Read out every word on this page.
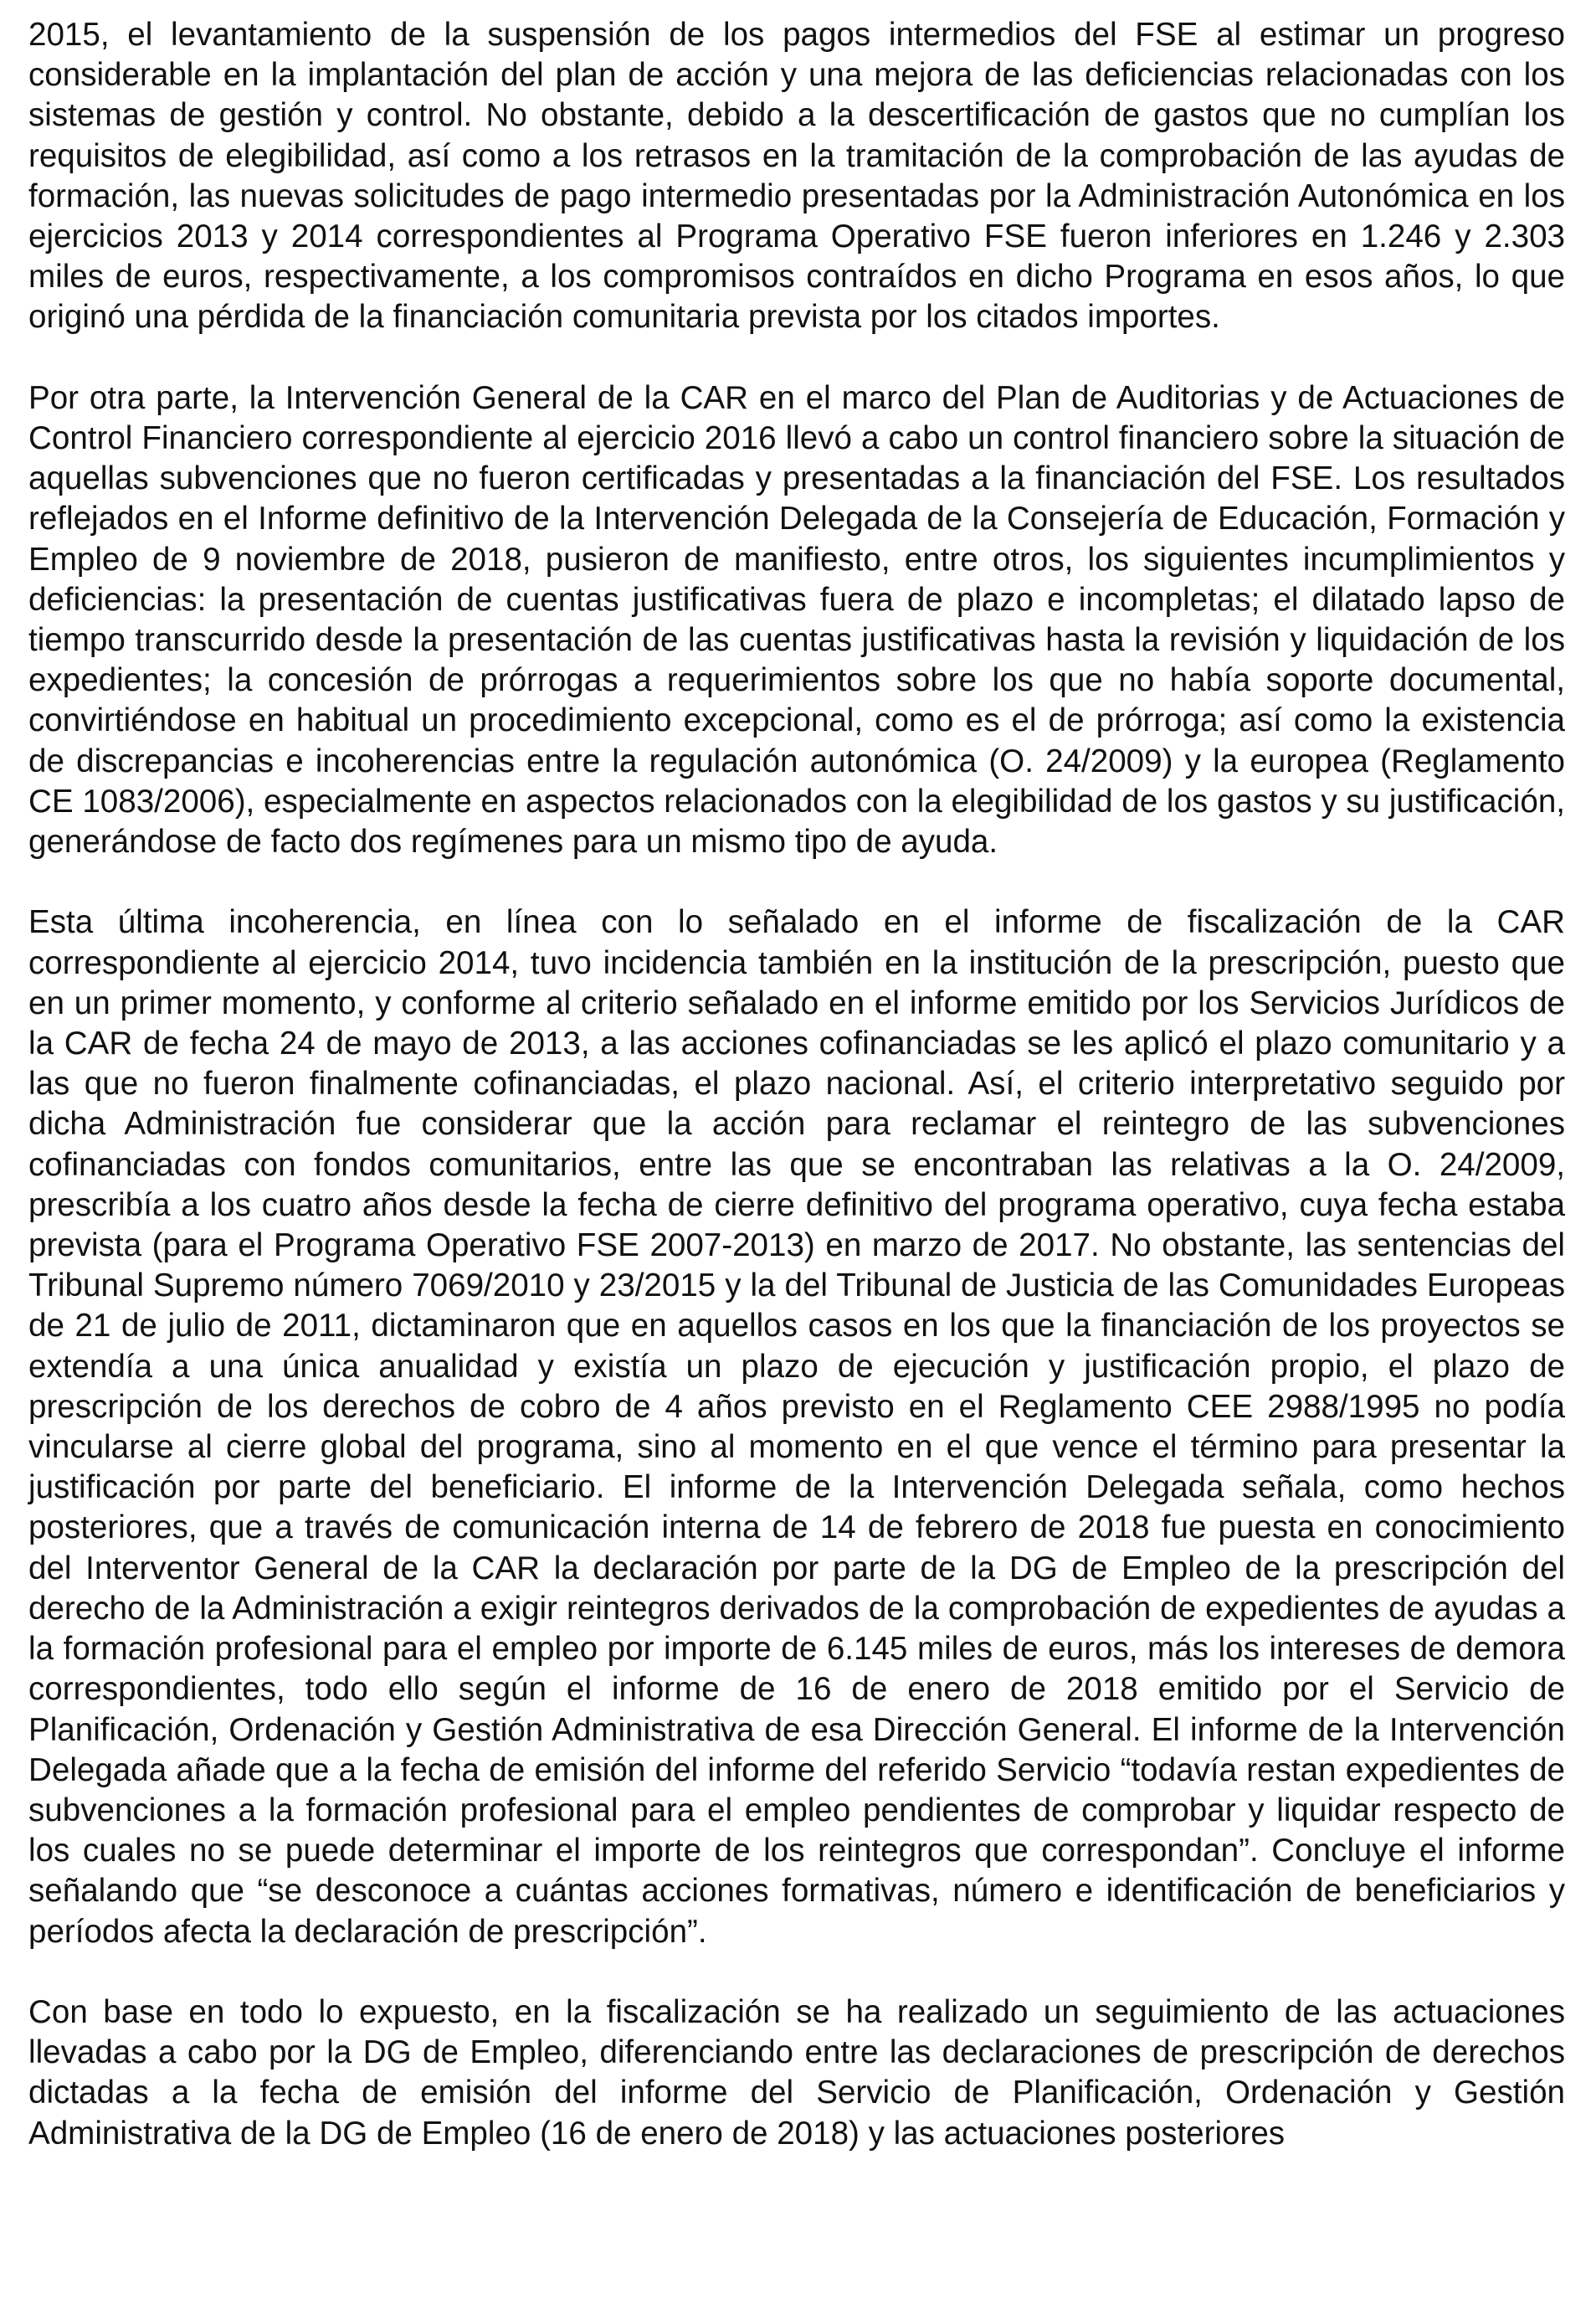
2015, el levantamiento de la suspensión de los pagos intermedios del FSE al estimar un progreso considerable en la implantación del plan de acción y una mejora de las deficiencias relacionadas con los sistemas de gestión y control. No obstante, debido a la descertificación de gastos que no cumplían los requisitos de elegibilidad, así como a los retrasos en la tramitación de la comprobación de las ayudas de formación, las nuevas solicitudes de pago intermedio presentadas por la Administración Autonómica en los ejercicios 2013 y 2014 correspondientes al Programa Operativo FSE fueron inferiores en 1.246 y 2.303 miles de euros, respectivamente, a los compromisos contraídos en dicho Programa en esos años, lo que originó una pérdida de la financiación comunitaria prevista por los citados importes.

Por otra parte, la Intervención General de la CAR en el marco del Plan de Auditorias y de Actuaciones de Control Financiero correspondiente al ejercicio 2016 llevó a cabo un control financiero sobre la situación de aquellas subvenciones que no fueron certificadas y presentadas a la financiación del FSE. Los resultados reflejados en el Informe definitivo de la Intervención Delegada de la Consejería de Educación, Formación y Empleo de 9 noviembre de 2018, pusieron de manifiesto, entre otros, los siguientes incumplimientos y deficiencias: la presentación de cuentas justificativas fuera de plazo e incompletas; el dilatado lapso de tiempo transcurrido desde la presentación de las cuentas justificativas hasta la revisión y liquidación de los expedientes; la concesión de prórrogas a requerimientos sobre los que no había soporte documental, convirtiéndose en habitual un procedimiento excepcional, como es el de prórroga; así como la existencia de discrepancias e incoherencias entre la regulación autonómica (O. 24/2009) y la europea (Reglamento CE 1083/2006), especialmente en aspectos relacionados con la elegibilidad de los gastos y su justificación, generándose de facto dos regímenes para un mismo tipo de ayuda.

Esta última incoherencia, en línea con lo señalado en el informe de fiscalización de la CAR correspondiente al ejercicio 2014, tuvo incidencia también en la institución de la prescripción, puesto que en un primer momento, y conforme al criterio señalado en el informe emitido por los Servicios Jurídicos de la CAR de fecha 24 de mayo de 2013, a las acciones cofinanciadas se les aplicó el plazo comunitario y a las que no fueron finalmente cofinanciadas, el plazo nacional. Así, el criterio interpretativo seguido por dicha Administración fue considerar que la acción para reclamar el reintegro de las subvenciones cofinanciadas con fondos comunitarios, entre las que se encontraban las relativas a la O. 24/2009, prescribía a los cuatro años desde la fecha de cierre definitivo del programa operativo, cuya fecha estaba prevista (para el Programa Operativo FSE 2007-2013) en marzo de 2017. No obstante, las sentencias del Tribunal Supremo número 7069/2010 y 23/2015 y la del Tribunal de Justicia de las Comunidades Europeas de 21 de julio de 2011, dictaminaron que en aquellos casos en los que la financiación de los proyectos se extendía a una única anualidad y existía un plazo de ejecución y justificación propio, el plazo de prescripción de los derechos de cobro de 4 años previsto en el Reglamento CEE 2988/1995 no podía vincularse al cierre global del programa, sino al momento en el que vence el término para presentar la justificación por parte del beneficiario. El informe de la Intervención Delegada señala, como hechos posteriores, que a través de comunicación interna de 14 de febrero de 2018 fue puesta en conocimiento del Interventor General de la CAR la declaración por parte de la DG de Empleo de la prescripción del derecho de la Administración a exigir reintegros derivados de la comprobación de expedientes de ayudas a la formación profesional para el empleo por importe de 6.145 miles de euros, más los intereses de demora correspondientes, todo ello según el informe de 16 de enero de 2018 emitido por el Servicio de Planificación, Ordenación y Gestión Administrativa de esa Dirección General. El informe de la Intervención Delegada añade que a la fecha de emisión del informe del referido Servicio “todavía restan expedientes de subvenciones a la formación profesional para el empleo pendientes de comprobar y liquidar respecto de los cuales no se puede determinar el importe de los reintegros que correspondan”. Concluye el informe señalando que “se desconoce a cuántas acciones formativas, número e identificación de beneficiarios y períodos afecta la declaración de prescripción”.

Con base en todo lo expuesto, en la fiscalización se ha realizado un seguimiento de las actuaciones llevadas a cabo por la DG de Empleo, diferenciando entre las declaraciones de prescripción de derechos dictadas a la fecha de emisión del informe del Servicio de Planificación, Ordenación y Gestión Administrativa de la DG de Empleo (16 de enero de 2018) y las actuaciones posteriores
